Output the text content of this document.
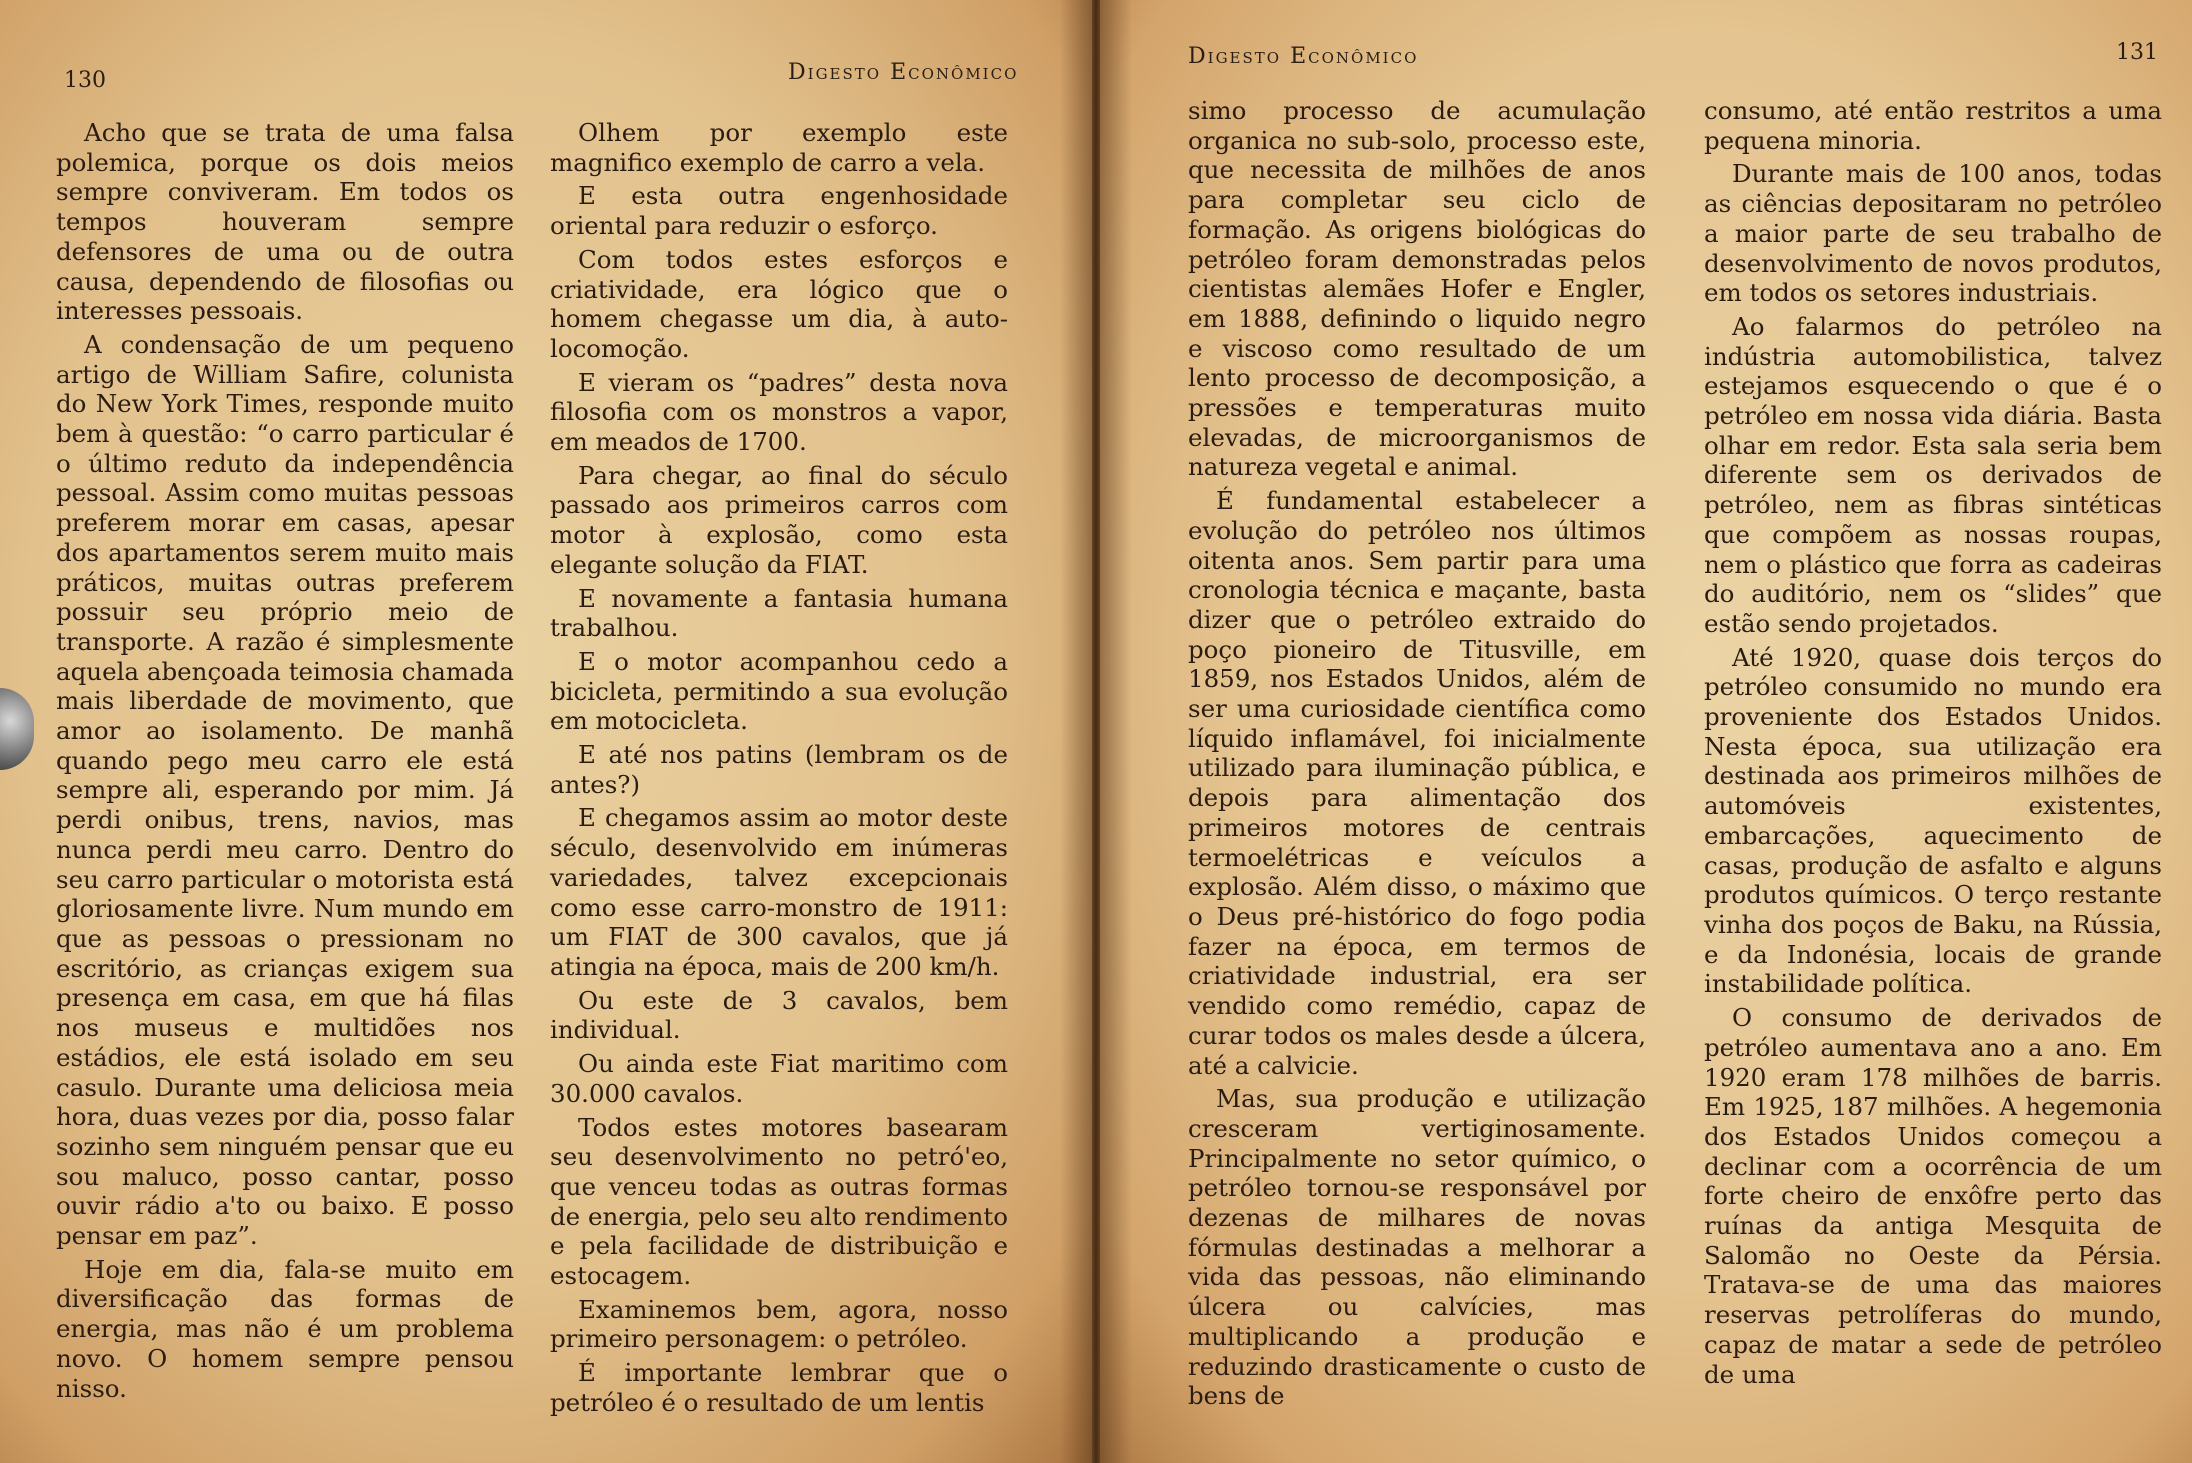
130	Digesto Econômico

Acho que se trata de uma falsa polemica, porque os dois meios sempre conviveram. Em todos os tempos houveram sempre defensores de uma ou de outra causa, dependendo de filosofias ou interesses pessoais.

A condensação de um pequeno artigo de William Safire, colunista do New York Times, responde muito bem à questão: “o carro particular é o último reduto da independência pessoal. Assim como muitas pessoas preferem morar em casas, apesar dos apartamentos serem muito mais práticos, muitas outras preferem possuir seu próprio meio de transporte. A razão é simplesmente aquela abençoada teimosia chamada mais liberdade de movimento, que amor ao isolamento. De manhã quando pego meu carro ele está sempre ali, esperando por mim. Já perdi onibus, trens, navios, mas nunca perdi meu carro. Dentro do seu carro particular o motorista está gloriosamente livre. Num mundo em que as pessoas o pressionam no escritório, as crianças exigem sua presença em casa, em que há filas nos museus e multidões nos estádios, ele está isolado em seu casulo. Durante uma deliciosa meia hora, duas vezes por dia, posso falar sozinho sem ninguém pensar que eu sou maluco, posso cantar, posso ouvir rádio a'to ou baixo. E posso pensar em paz”.

Hoje em dia, fala-se muito em diversificação das formas de energia, mas não é um problema novo. O homem sempre pensou nisso.

Olhem por exemplo este magnifico exemplo de carro a vela.

E esta outra engenhosidade oriental para reduzir o esforço.

Com todos estes esforços e criatividade, era lógico que o homem chegasse um dia, à auto-locomoção.

E vieram os “padres” desta nova filosofia com os monstros a vapor, em meados de 1700.

Para chegar, ao final do século passado aos primeiros carros com motor à explosão, como esta elegante solução da FIAT.

E novamente a fantasia humana trabalhou.

E o motor acompanhou cedo a bicicleta, permitindo a sua evolução em motocicleta.

E até nos patins (lembram os de antes?)

E chegamos assim ao motor deste século, desenvolvido em inúmeras variedades, talvez excepcionais como esse carro-monstro de 1911: um FIAT de 300 cavalos, que já atingia na época, mais de 200 km/h.

Ou este de 3 cavalos, bem individual.

Ou ainda este Fiat maritimo com 30.000 cavalos.

Todos estes motores basearam seu desenvolvimento no petró'eo, que venceu todas as outras formas de energia, pelo seu alto rendimento e pela facilidade de distribuição e estocagem.

Examinemos bem, agora, nosso primeiro personagem: o petróleo.

É importante lembrar que o petróleo é o resultado de um lentis

Digesto Econômico	131

simo processo de acumulação organica no sub-solo, processo este, que necessita de milhões de anos para completar seu ciclo de formação. As origens biológicas do petróleo foram demonstradas pelos cientistas alemães Hofer e Engler, em 1888, definindo o liquido negro e viscoso como resultado de um lento processo de decomposição, a pressões e temperaturas muito elevadas, de microorganismos de natureza vegetal e animal.

É fundamental estabelecer a evolução do petróleo nos últimos oitenta anos. Sem partir para uma cronologia técnica e maçante, basta dizer que o petróleo extraido do poço pioneiro de Titusville, em 1859, nos Estados Unidos, além de ser uma curiosidade científica como líquido inflamável, foi inicialmente utilizado para iluminação pública, e depois para alimentação dos primeiros motores de centrais termoelétricas e veículos a explosão. Além disso, o máximo que o Deus pré-histórico do fogo podia fazer na época, em termos de criatividade industrial, era ser vendido como remédio, capaz de curar todos os males desde a úlcera, até a calvicie.

Mas, sua produção e utilização cresceram vertiginosamente. Principalmente no setor químico, o petróleo tornou-se responsável por dezenas de milhares de novas fórmulas destinadas a melhorar a vida das pessoas, não eliminando úlcera ou calvícies, mas multiplicando a produção e reduzindo drasticamente o custo de bens de

consumo, até então restritos a uma pequena minoria.

Durante mais de 100 anos, todas as ciências depositaram no petróleo a maior parte de seu trabalho de desenvolvimento de novos produtos, em todos os setores industriais.

Ao falarmos do petróleo na indústria automobilistica, talvez estejamos esquecendo o que é o petróleo em nossa vida diária. Basta olhar em redor. Esta sala seria bem diferente sem os derivados de petróleo, nem as fibras sintéticas que compõem as nossas roupas, nem o plástico que forra as cadeiras do auditório, nem os “slides” que estão sendo projetados.

Até 1920, quase dois terços do petróleo consumido no mundo era proveniente dos Estados Unidos. Nesta época, sua utilização era destinada aos primeiros milhões de automóveis existentes, embarcações, aquecimento de casas, produção de asfalto e alguns produtos químicos. O terço restante vinha dos poços de Baku, na Rússia, e da Indonésia, locais de grande instabilidade política.

O consumo de derivados de petróleo aumentava ano a ano. Em 1920 eram 178 milhões de barris. Em 1925, 187 milhões. A hegemonia dos Estados Unidos começou a declinar com a ocorrência de um forte cheiro de enxôfre perto das ruínas da antiga Mesquita de Salomão no Oeste da Pérsia. Tratava-se de uma das maiores reservas petrolíferas do mundo, capaz de matar a sede de petróleo de uma
